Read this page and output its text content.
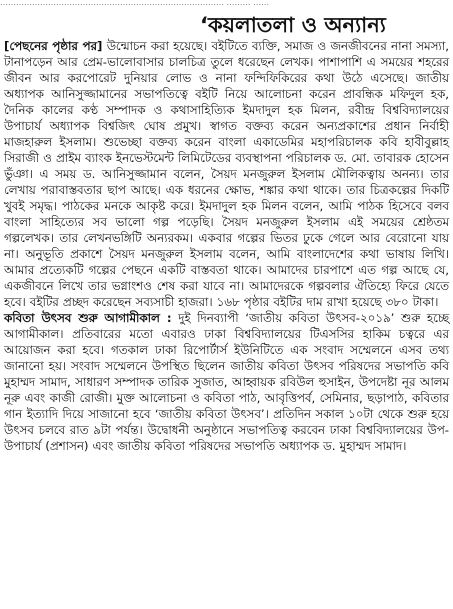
………………………………………………………………………… ……… ……
‘কয়লাতলা ও অন্যান্য

[পেছনের পৃষ্ঠার পর] উন্মোচন করা হয়েছে। বইটিতে ব্যক্তি, সমাজ ও জনজীবনের নানা সমস্যা, টানাপড়েন আর প্রেম-ভালোবাসার চালচিত্র তুলে ধরেছেন লেখক। পাশাপাশি এ সময়ের শহরের জীবন আর করপোরেট দুনিয়ার লোভ ও নানা ফন্দিফিকিরের কথা উঠে এসেছে। জাতীয় অধ্যাপক আনিসুজ্জামানের সভাপতিত্বে বইটি নিয়ে আলোচনা করেন প্রাবন্ধিক মফিদুল হক, দৈনিক কালের কণ্ঠ সম্পাদক ও কথাসাহিত্যিক ইমদাদুল হক মিলন, রবীন্দ্র বিশ্ববিদ্যালয়ের উপাচার্য অধ্যাপক বিশ্বজিৎ ঘোষ প্রমুখ। স্বাগত বক্তব্য করেন অন্যপ্রকাশের প্রধান নির্বাহী মাজহারুল ইসলাম। শুভেচ্ছা বক্তব্য করেন বাংলা একাডেমির মহাপরিচালক কবি হাবীবুল্লাহ সিরাজী ও প্রাইম ব্যাংক ইনভেস্টমেন্ট লিমিটেডের ব্যবস্থাপনা পরিচালক ড. মো. তাবারক হোসেন ভুঁঞা। এ সময় ড. আনিসুজ্জামান বলেন, সৈয়দ মনজুরুল ইসলাম মৌলিকত্বায় অনন্য। তার লেখায় পরাবাস্তবতার ছাপ আছে। এক ধরনের ক্ষোভ, শঙ্কার কথা থাকে। তার চিত্রকল্পের দিকটি খুবই সমৃদ্ধ। পাঠকের মনকে আকৃষ্ট করে। ইমদাদুল হক মিলন বলেন, আমি পাঠক হিসেবে বলব বাংলা সাহিত্যের সব ভালো গল্প পড়েছি। সৈয়দ মনজুরুল ইসলাম এই সময়ের শ্রেষ্ঠতম গল্পলেখক। তার লেখনভঙ্গিটি অন্যরকম। একবার গল্পের ভিতর ঢুকে গেলে আর বেরোনো যায় না। অনুভূতি প্রকাশে সৈয়দ মনজুরুল ইসলাম বলেন, আমি বাংলাদেশের কথা ভাষায় লিখি। আমার প্রত্যেকটি গল্পের পেছনে একটি বাস্তবতা থাকে। আমাদের চারপাশে এত গল্প আছে যে, একজীবনে লিখে তার ভগ্নাংশও শেষ করা যাবে না। আমাদেরকে গল্পবলার ঐতিহ্যে ফিরে যেতে হবে। বইটির প্রচ্ছদ করেছেন সব্যসাচী হাজরা। ১৬৮ পৃষ্ঠার বইটির দাম রাখা হয়েছে ৩৮০ টাকা।

কবিতা উৎসব শুরু আগামীকাল : দুই দিনব্যাপী ‘জাতীয় কবিতা উৎসব-২০১৯’ শুরু হচ্ছে আগামীকাল। প্রতিবারের মতো এবারও ঢাকা বিশ্ববিদ্যালয়ের টিএসসির হাকিম চত্বরে এর আয়োজন করা হবে। গতকাল ঢাকা রিপোর্টার্স ইউনিটিতে এক সংবাদ সম্মেলনে এসব তথ্য জানানো হয়। সংবাদ সম্মেলনে উপস্থিত ছিলেন জাতীয় কবিতা উৎসব পরিষদের সভাপতি কবি মুহাম্মদ সামাদ, সাধারণ সম্পাদক তারিক সুজাত, আহ্বায়ক রবিউল হুসাইন, উপদেষ্টা নূর আলম নূরু এবং কাজী রোজী। মুক্ত আলোচনা ও কবিতা পাঠ, আবৃত্তিপর্ব, সেমিনার, ছড়াপাঠ, কবিতার গান ইত্যাদি দিয়ে সাজানো হবে ‘জাতীয় কবিতা উৎসব’। প্রতিদিন সকাল ১০টা থেকে শুরু হয়ে উৎসব চলবে রাত ৯টা পর্যন্ত। উদ্বোধনী অনুষ্ঠানে সভাপতিত্ব করবেন ঢাকা বিশ্ববিদ্যালয়ের উপ-উপাচার্য (প্রশাসন) এবং জাতীয় কবিতা পরিষদের সভাপতি অধ্যাপক ড. মুহাম্মদ সামাদ।
